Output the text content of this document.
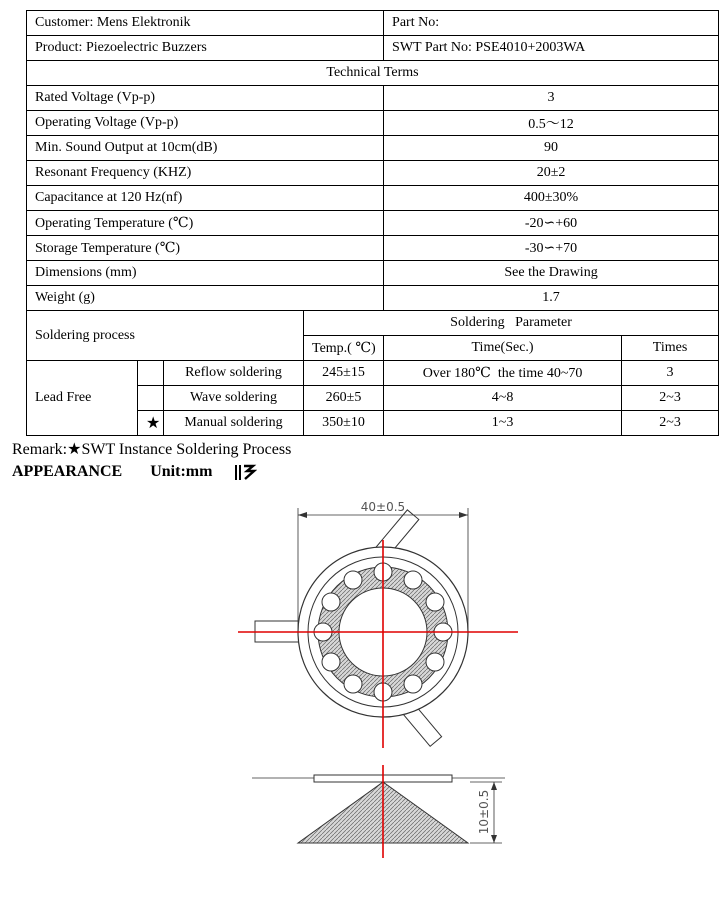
Customer: Mens Elektronik				Part No:	
Product: Piezoelectric Buzzers				SWT Part No: PSE4010+2003WA	
Technical Terms					
Rated Voltage (Vp-p)				3	
Operating Voltage (Vp-p)				0.5～12	
Min. Sound Output at 10cm(dB)				90	
Resonant Frequency (KHZ)				20±2	
Capacitance at 120 Hz(nf)				400±30%	
Operating Temperature (℃)				-20∽+60	
Storage Temperature (℃)				-30∽+70	
Dimensions (mm)				See the Drawing	
Weight (g)				1.7	
Soldering process			Soldering   Parameter		
			Temp.( ℃)	Time(Sec.)	Times
Lead Free		Reflow soldering	245±15	Over 180℃  the time 40~70	3
		Wave soldering	260±5	4~8	2~3
	★	Manual soldering	350±10	1~3	2~3
Remark:★SWT Instance Soldering Process
APPEARANCE Unit:mm
40±0.5
10±0.5
